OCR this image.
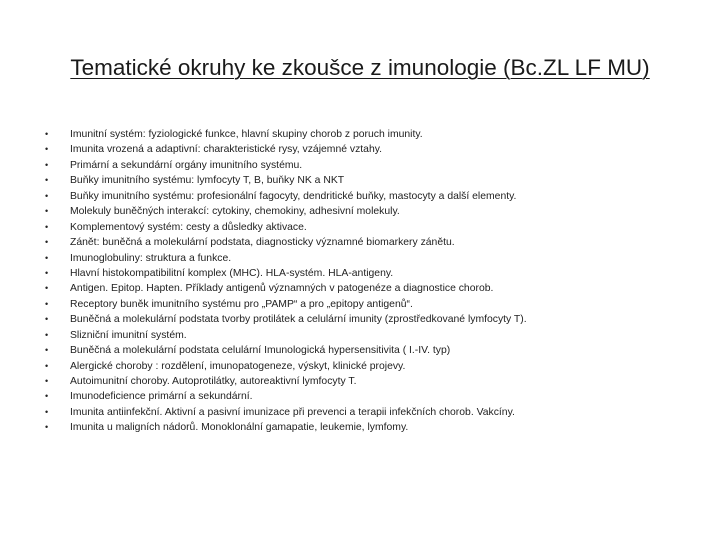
Tematické okruhy ke zkoušce z imunologie (Bc.ZL LF MU)
•	Imunitní systém: fyziologické funkce, hlavní skupiny chorob z poruch imunity.
•	Imunita vrozená a adaptivní: charakteristické rysy, vzájemné vztahy.
•	Primární a sekundární orgány imunitního systému.
•	Buňky imunitního systému: lymfocyty T, B, buňky NK a NKT
•	Buňky imunitního systému: profesionální fagocyty, dendritické buňky, mastocyty a další elementy.
•	Molekuly buněčných interakcí: cytokiny, chemokiny, adhesivní molekuly.
•	Komplementový systém: cesty a důsledky aktivace.
•	Zánět: buněčná a molekulární podstata, diagnosticky významné biomarkery zánětu.
•	Imunoglobuliny: struktura a funkce.
•	Hlavní histokompatibilitní komplex (MHC). HLA-systém. HLA-antigeny.
•	Antigen. Epitop. Hapten. Příklady antigenů významných v patogenéze a diagnostice chorob.
•	Receptory buněk imunitního systému pro „PAMP“ a pro „epitopy antigenů“.
•	Buněčná a molekulární podstata tvorby protilátek a celulární imunity (zprostředkované lymfocyty T).
•	Slizniční imunitní systém.
•	Buněčná a molekulární podstata celulární Imunologická hypersensitivita ( I.-IV. typ)
•	Alergické choroby : rozdělení, imunopatogeneze, výskyt, klinické projevy.
•	Autoimunitní choroby. Autoprotilátky, autoreaktivní lymfocyty T.
•	Imunodeficience primární a sekundární.
•	Imunita antiinfekční. Aktivní a pasivní imunizace při prevenci a terapii infekčních chorob. Vakcíny.
•	Imunita u maligních nádorů. Monoklonální gamapatie, leukemie, lymfomy.
